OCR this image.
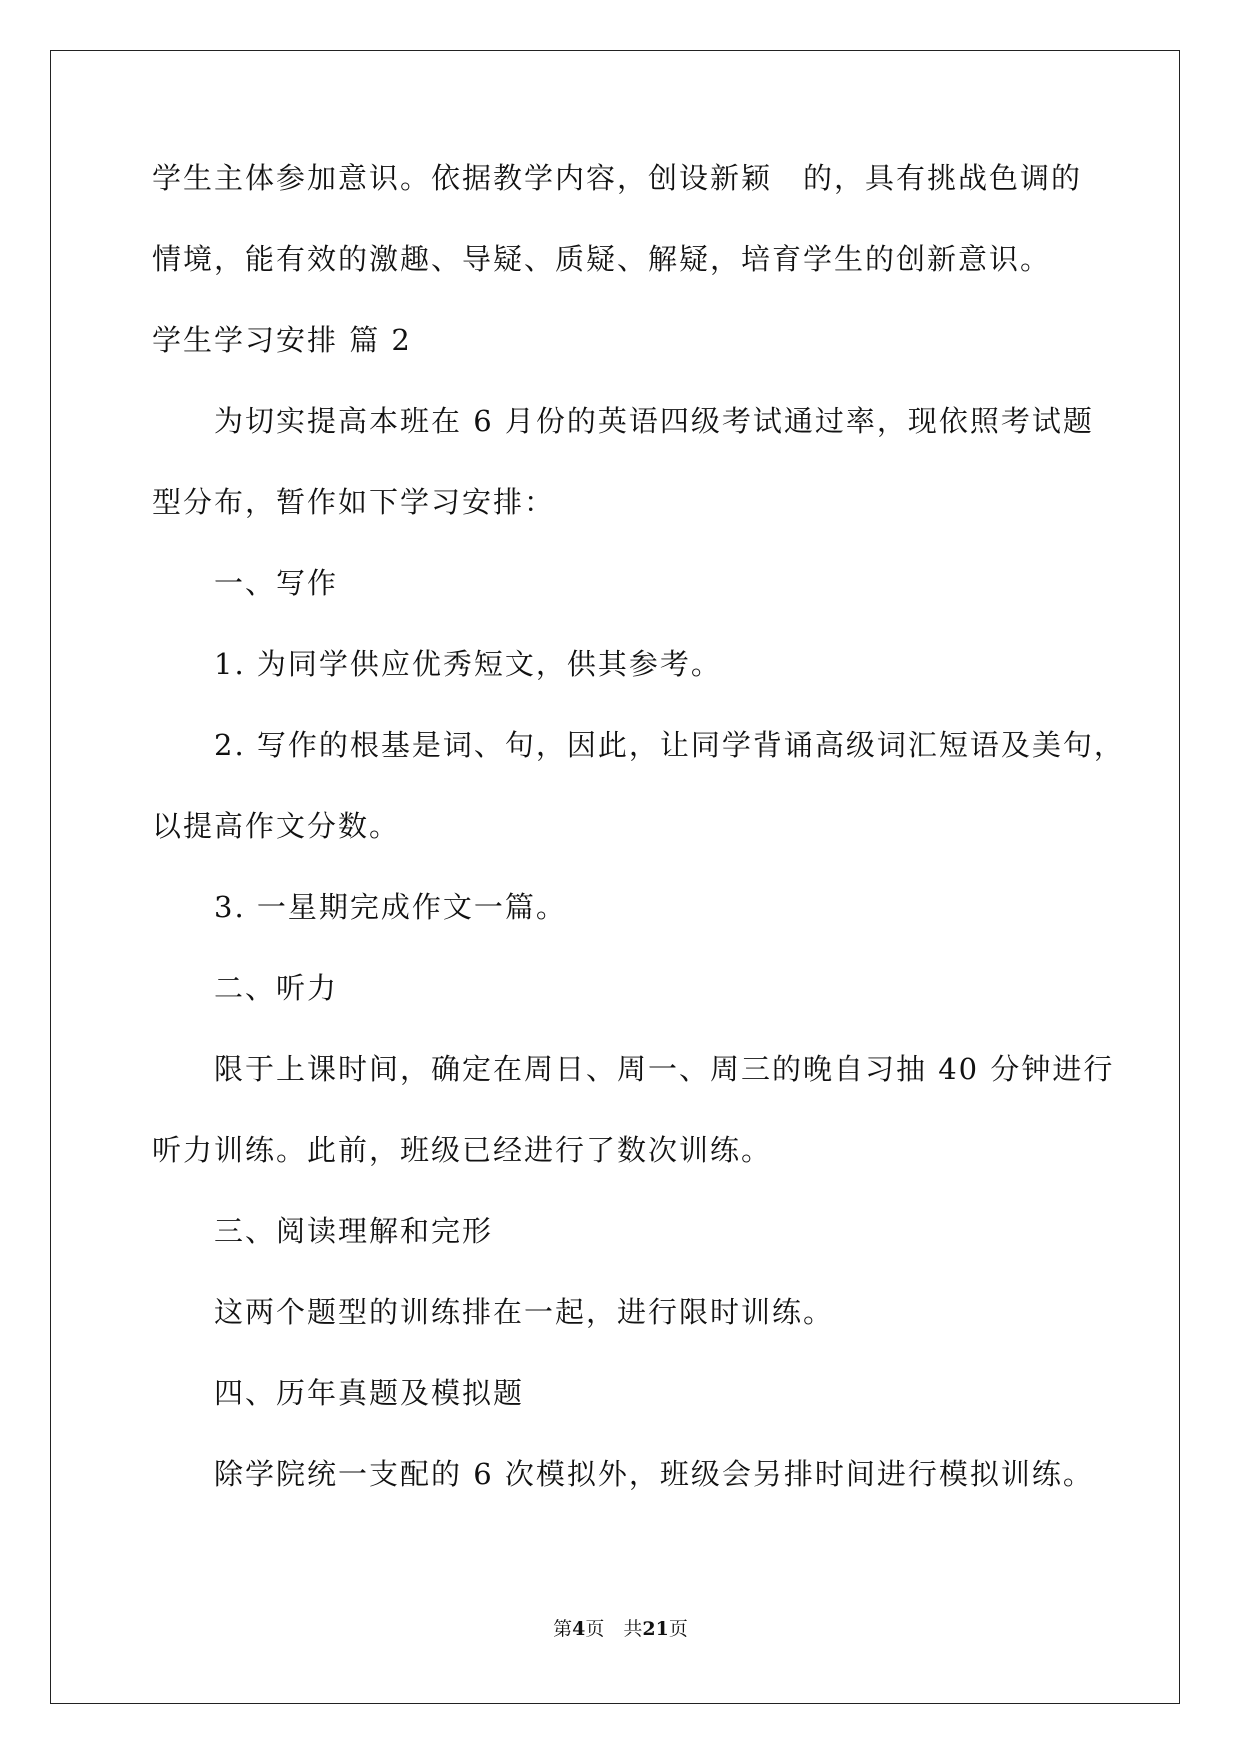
学生主体参加意识。依据教学内容，创设新颖　的，具有挑战色调的
情境，能有效的激趣、导疑、质疑、解疑，培育学生的创新意识。
学生学习安排 篇 2
为切实提高本班在 6 月份的英语四级考试通过率，现依照考试题
型分布，暂作如下学习安排：
一、写作
1. 为同学供应优秀短文，供其参考。
2. 写作的根基是词、句，因此，让同学背诵高级词汇短语及美句，
以提高作文分数。
3. 一星期完成作文一篇。
二、听力
限于上课时间，确定在周日、周一、周三的晚自习抽 40 分钟进行
听力训练。此前，班级已经进行了数次训练。
三、阅读理解和完形
这两个题型的训练排在一起，进行限时训练。
四、历年真题及模拟题
除学院统一支配的 6 次模拟外，班级会另排时间进行模拟训练。
第4页　共21页
